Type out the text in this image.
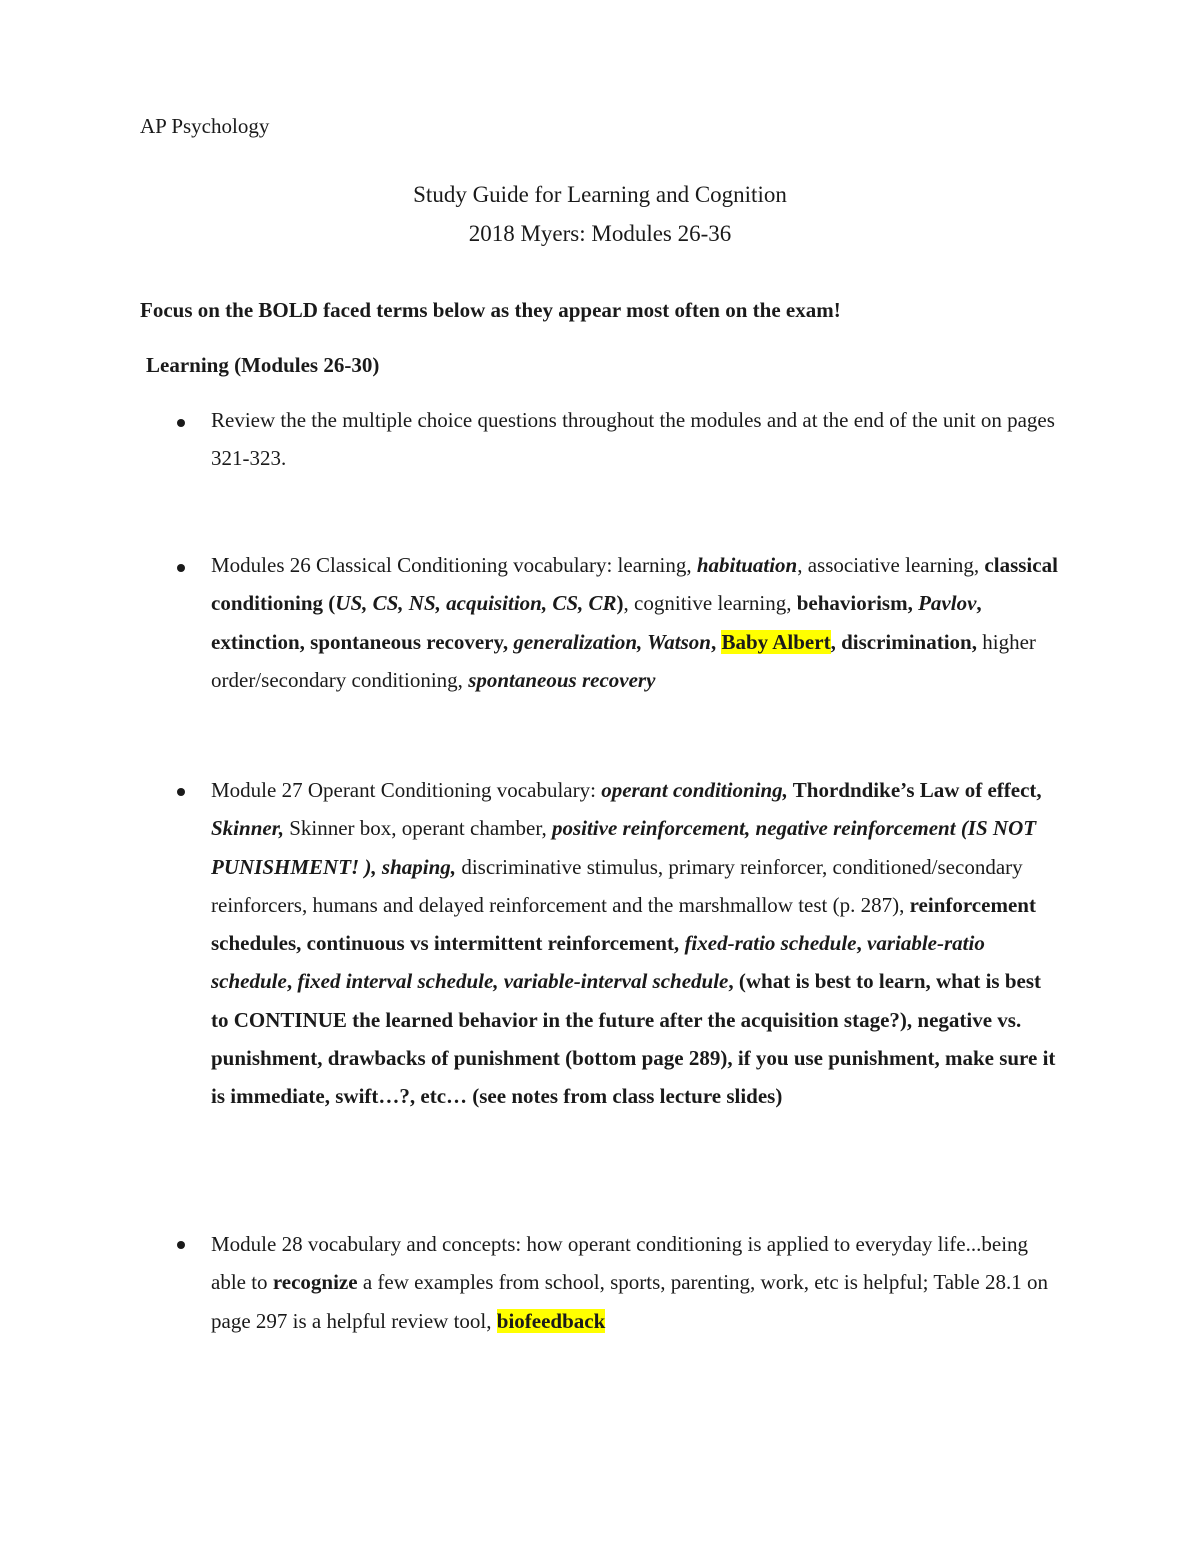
AP Psychology
Study Guide for Learning and Cognition
2018 Myers: Modules 26-36
Focus on the BOLD faced terms below as they appear most often on the exam!
Learning (Modules 26-30)
Review the the multiple choice questions throughout the modules and at the end of the unit on pages 321-323.
Modules 26 Classical Conditioning vocabulary: learning, habituation, associative learning, classical conditioning (US, CS, NS, acquisition, CS, CR), cognitive learning, behaviorism, Pavlov, extinction, spontaneous recovery, generalization, Watson, Baby Albert, discrimination, higher order/secondary conditioning, spontaneous recovery
Module 27 Operant Conditioning vocabulary: operant conditioning, Thordndike’s Law of effect, Skinner, Skinner box, operant chamber, positive reinforcement, negative reinforcement (IS NOT PUNISHMENT! ), shaping, discriminative stimulus, primary reinforcer, conditioned/secondary reinforcers, humans and delayed reinforcement and the marshmallow test (p. 287), reinforcement schedules, continuous vs intermittent reinforcement, fixed-ratio schedule, variable-ratio schedule, fixed interval schedule, variable-interval schedule, (what is best to learn, what is best to CONTINUE the learned behavior in the future after the acquisition stage?), negative vs. punishment, drawbacks of punishment (bottom page 289), if you use punishment, make sure it is immediate, swift…?, etc… (see notes from class lecture slides)
Module 28 vocabulary and concepts: how operant conditioning is applied to everyday life...being able to recognize a few examples from school, sports, parenting, work, etc is helpful; Table 28.1 on page 297 is a helpful review tool, biofeedback
